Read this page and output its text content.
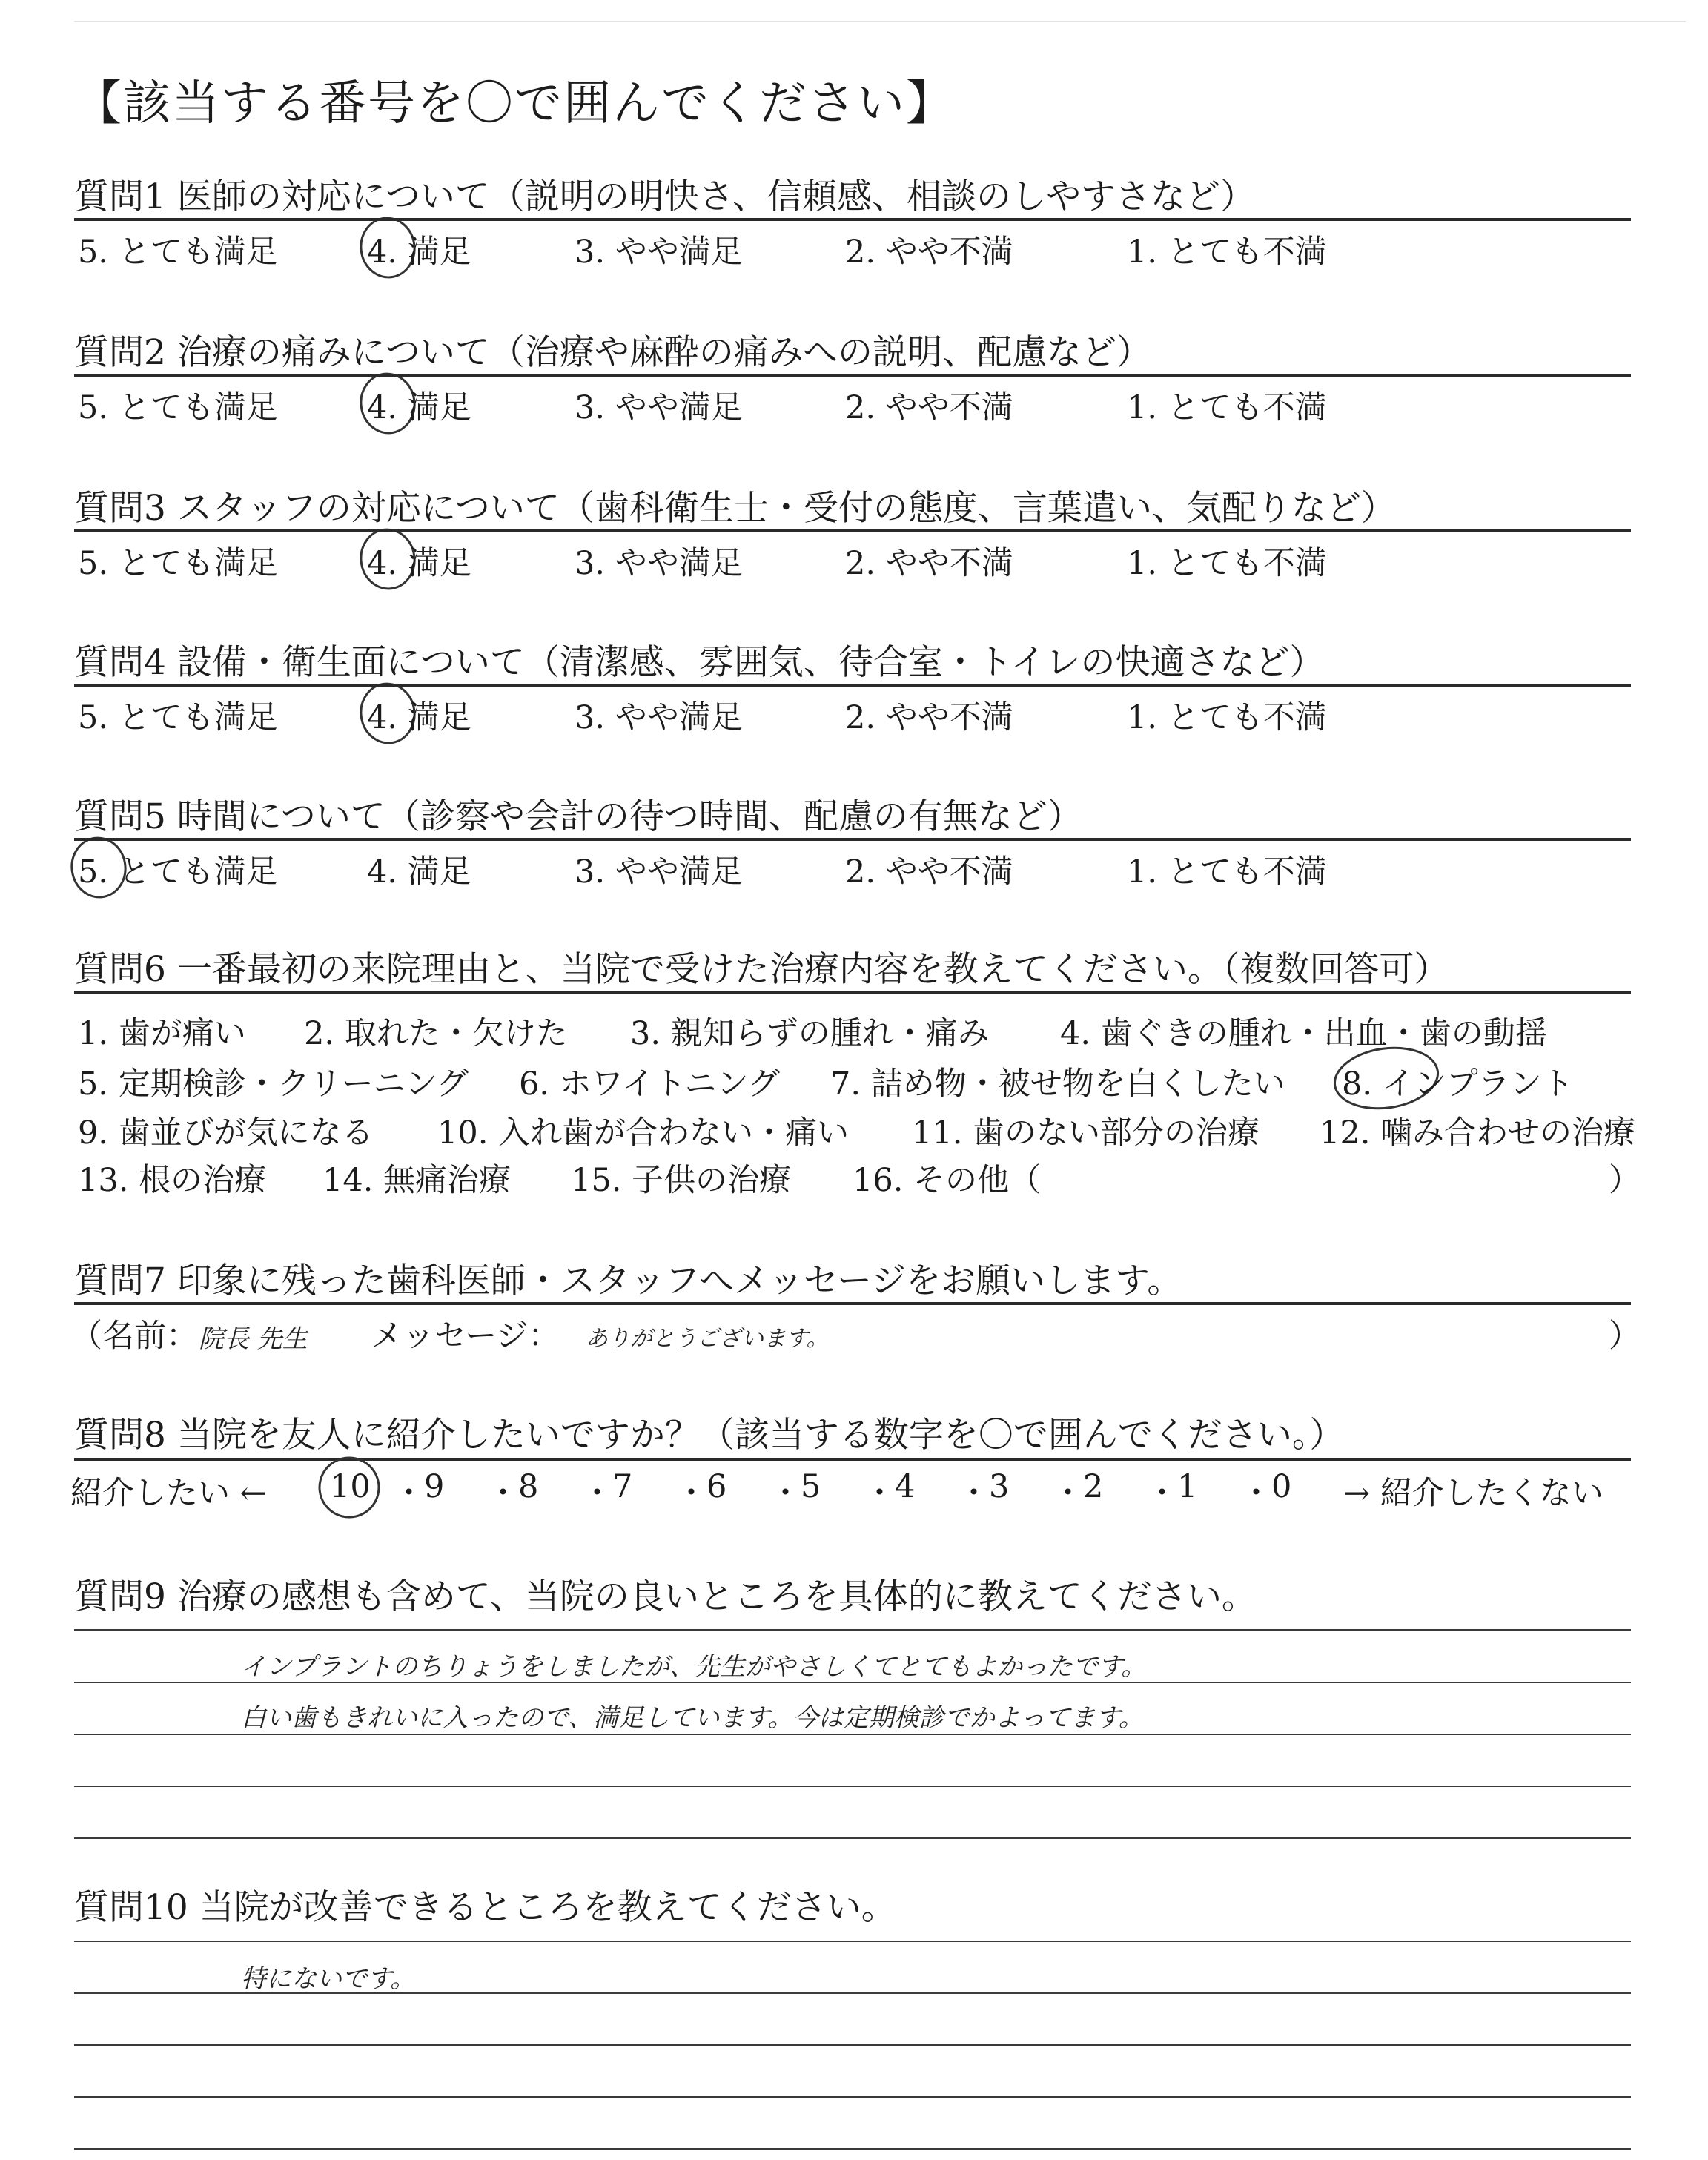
【該当する番号を〇で囲んでください】
質問6 一番最初の来院理由と、当院で受けた治療内容を教えてください。（複数回答可）
）
質問7 印象に残った歯科医師・スタッフへメッセージをお願いします。
（名前： 院長 先生 メッセージ： ありがとうございます。	）
質問8 当院を友人に紹介したいですか？（該当する数字を〇で囲んでください。）
紹介したい ←	→ 紹介したくない
質問9 治療の感想も含めて、当院の良いところを具体的に教えてください。
インプラントのちりょうをしましたが、先生がやさしくてとてもよかったです。
白い歯もきれいに入ったので、満足しています。今は定期検診でかよってます。
質問10 当院が改善できるところを教えてください。
特にないです。
質問1 医師の対応について（説明の明快さ、信頼感、相談のしやすさなど）
5. とても満足	4. 満足	3. やや満足	2. やや不満	1. とても不満
質問2 治療の痛みについて（治療や麻酔の痛みへの説明、配慮など）
5. とても満足	4. 満足	3. やや満足	2. やや不満	1. とても不満
質問3 スタッフの対応について（歯科衛生士・受付の態度、言葉遣い、気配りなど）
5. とても満足	4. 満足	3. やや満足	2. やや不満	1. とても不満
質問4 設備・衛生面について（清潔感、雰囲気、待合室・トイレの快適さなど）
5. とても満足	4. 満足	3. やや満足	2. やや不満	1. とても不満
質問5 時間について（診察や会計の待つ時間、配慮の有無など）
5. とても満足	4. 満足	3. やや満足	2. やや不満	1. とても不満
1. 歯が痛い 2. 取れた・欠けた 3. 親知らずの腫れ・痛み 4. 歯ぐきの腫れ・出血・歯の動揺
5. 定期検診・クリーニング 6. ホワイトニング 7. 詰め物・被せ物を白くしたい 8. インプラント
9. 歯並びが気になる 10. 入れ歯が合わない・痛い 11. 歯のない部分の治療 12. 噛み合わせの治療
13. 根の治療 14. 無痛治療 15. 子供の治療 16. その他（
10 ・ 9 ・ 8 ・ 7 ・ 6 ・ 5 ・ 4 ・ 3 ・ 2 ・ 1 ・ 0
